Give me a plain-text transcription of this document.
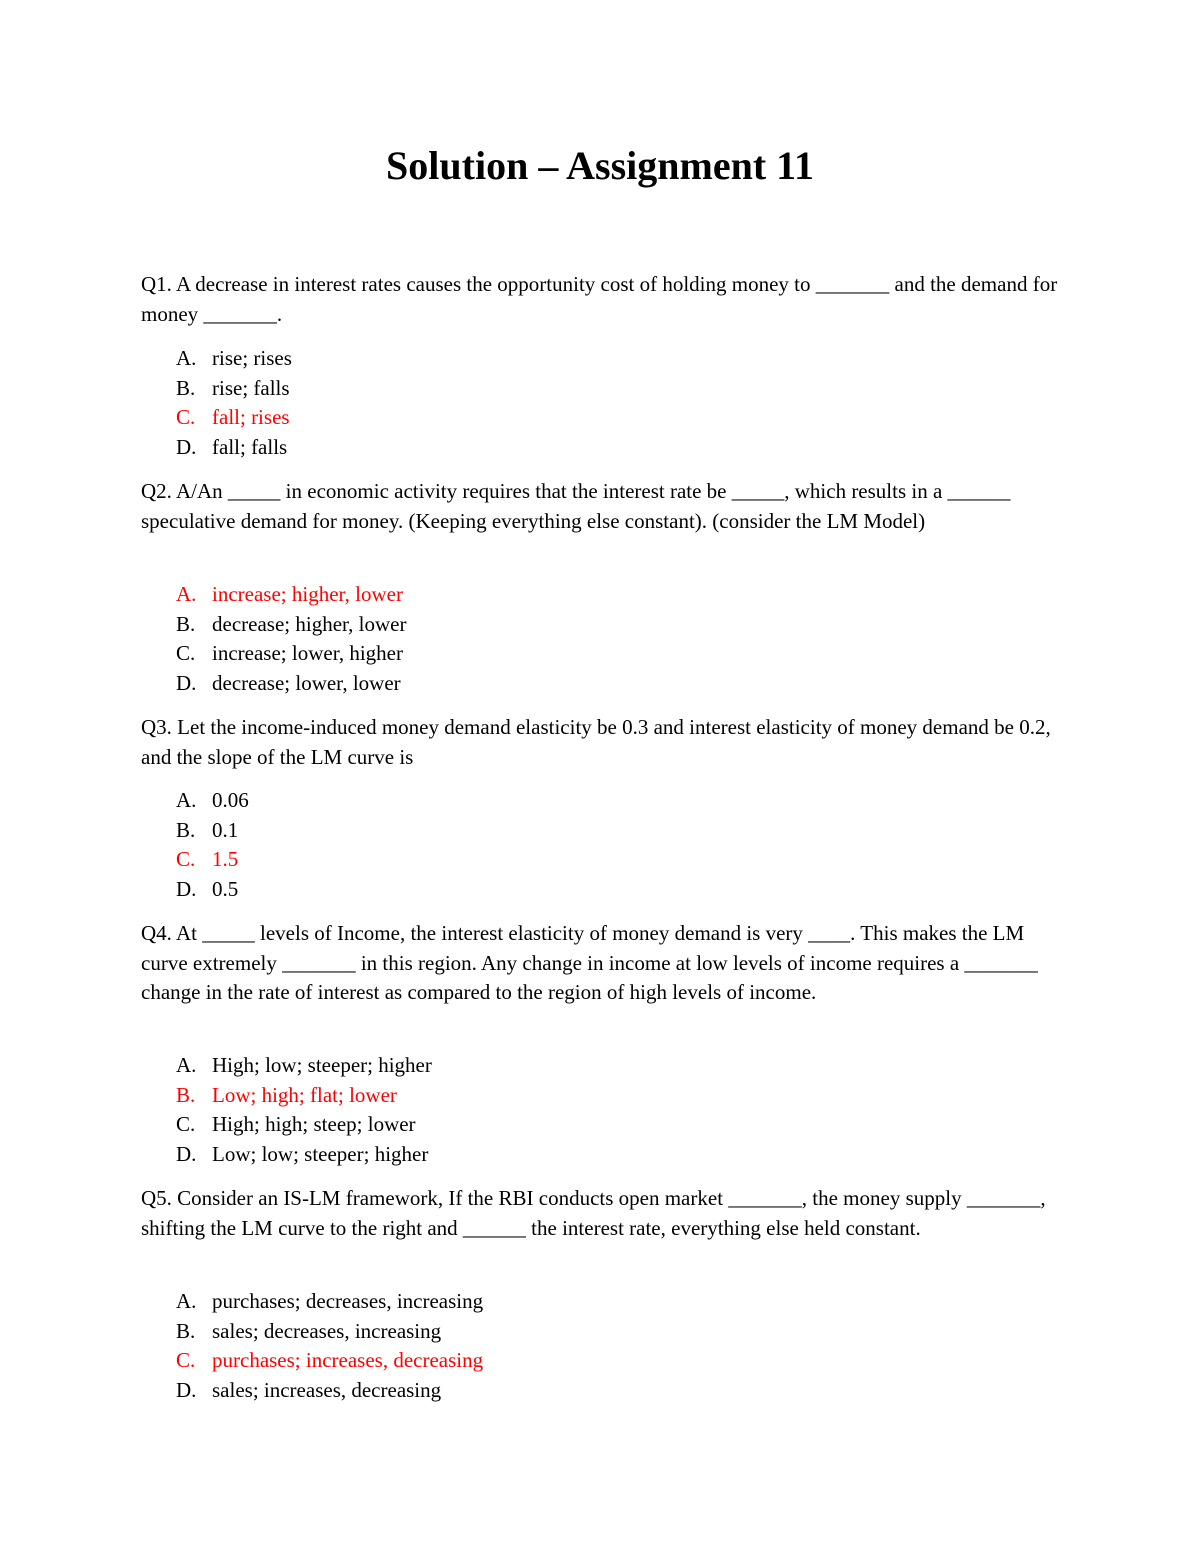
Solution – Assignment 11

Q1. A decrease in interest rates causes the opportunity cost of holding money to _______ and the demand for money _______.

A. rise; rises
B. rise; falls
C. fall; rises
D. fall; falls

Q2. A/An _____ in economic activity requires that the interest rate be _____, which results in a ______ speculative demand for money. (Keeping everything else constant). (consider the LM Model)

A. increase; higher, lower
B. decrease; higher, lower
C. increase; lower, higher
D. decrease; lower, lower

Q3. Let the income-induced money demand elasticity be 0.3 and interest elasticity of money demand be 0.2, and the slope of the LM curve is

A. 0.06
B. 0.1
C. 1.5
D. 0.5

Q4. At _____ levels of Income, the interest elasticity of money demand is very ____. This makes the LM curve extremely _______ in this region. Any change in income at low levels of income requires a _______ change in the rate of interest as compared to the region of high levels of income.

A. High; low; steeper; higher
B. Low; high; flat; lower
C. High; high; steep; lower
D. Low; low; steeper; higher

Q5. Consider an IS-LM framework, If the RBI conducts open market _______, the money supply _______, shifting the LM curve to the right and ______ the interest rate, everything else held constant.

A. purchases; decreases, increasing
B. sales; decreases, increasing
C. purchases; increases, decreasing
D. sales; increases, decreasing
